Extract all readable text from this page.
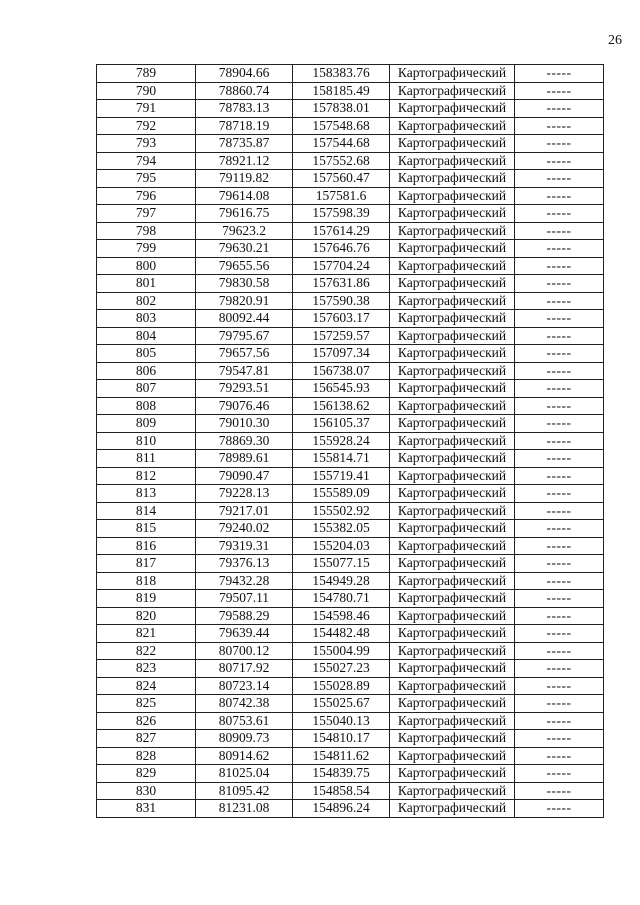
26
789	78904.66	158383.76	Картографический	-----
790	78860.74	158185.49	Картографический	-----
791	78783.13	157838.01	Картографический	-----
792	78718.19	157548.68	Картографический	-----
793	78735.87	157544.68	Картографический	-----
794	78921.12	157552.68	Картографический	-----
795	79119.82	157560.47	Картографический	-----
796	79614.08	157581.6	Картографический	-----
797	79616.75	157598.39	Картографический	-----
798	79623.2	157614.29	Картографический	-----
799	79630.21	157646.76	Картографический	-----
800	79655.56	157704.24	Картографический	-----
801	79830.58	157631.86	Картографический	-----
802	79820.91	157590.38	Картографический	-----
803	80092.44	157603.17	Картографический	-----
804	79795.67	157259.57	Картографический	-----
805	79657.56	157097.34	Картографический	-----
806	79547.81	156738.07	Картографический	-----
807	79293.51	156545.93	Картографический	-----
808	79076.46	156138.62	Картографический	-----
809	79010.30	156105.37	Картографический	-----
810	78869.30	155928.24	Картографический	-----
811	78989.61	155814.71	Картографический	-----
812	79090.47	155719.41	Картографический	-----
813	79228.13	155589.09	Картографический	-----
814	79217.01	155502.92	Картографический	-----
815	79240.02	155382.05	Картографический	-----
816	79319.31	155204.03	Картографический	-----
817	79376.13	155077.15	Картографический	-----
818	79432.28	154949.28	Картографический	-----
819	79507.11	154780.71	Картографический	-----
820	79588.29	154598.46	Картографический	-----
821	79639.44	154482.48	Картографический	-----
822	80700.12	155004.99	Картографический	-----
823	80717.92	155027.23	Картографический	-----
824	80723.14	155028.89	Картографический	-----
825	80742.38	155025.67	Картографический	-----
826	80753.61	155040.13	Картографический	-----
827	80909.73	154810.17	Картографический	-----
828	80914.62	154811.62	Картографический	-----
829	81025.04	154839.75	Картографический	-----
830	81095.42	154858.54	Картографический	-----
831	81231.08	154896.24	Картографический	-----
